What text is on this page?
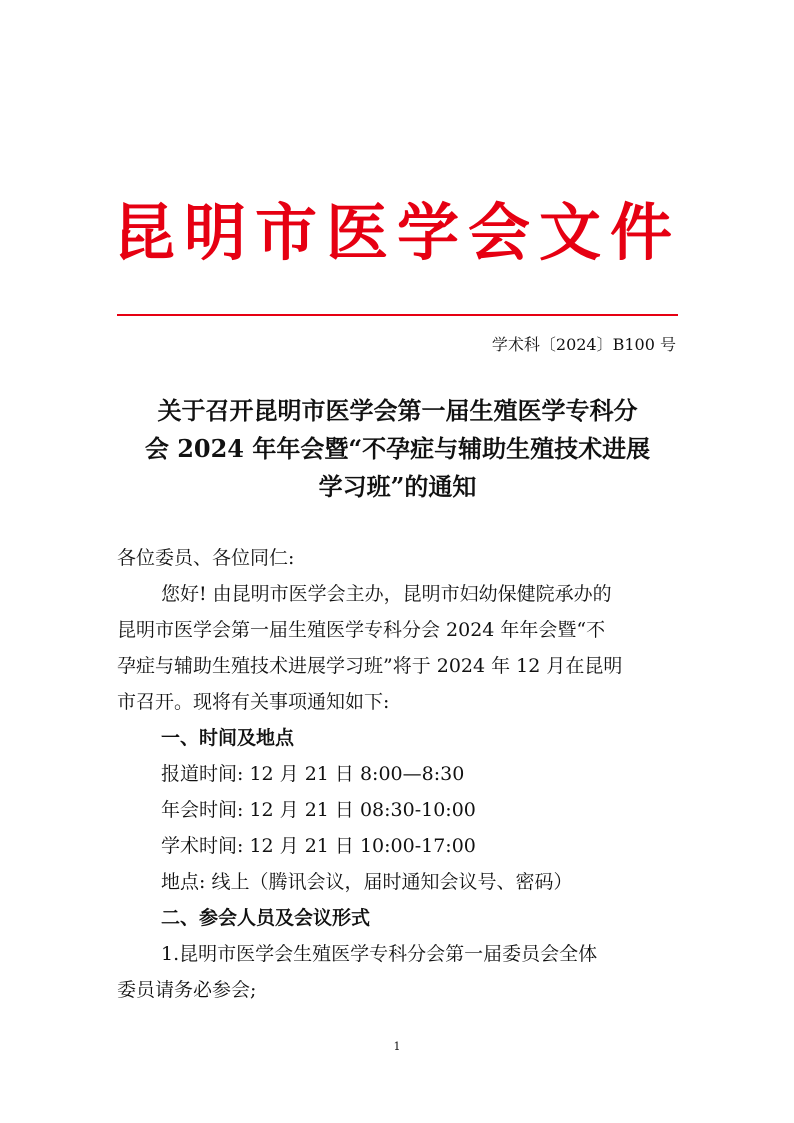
昆明市医学会文件
学术科〔2024〕B100 号
关于召开昆明市医学会第一届生殖医学专科分
会 2024 年年会暨“不孕症与辅助生殖技术进展
学习班”的通知

各位委员、各位同仁:

您好! 由昆明市医学会主办，昆明市妇幼保健院承办的

昆明市医学会第一届生殖医学专科分会 2024 年年会暨“不

孕症与辅助生殖技术进展学习班”将于 2024 年 12 月在昆明

市召开。现将有关事项通知如下:

一、时间及地点

报道时间: 12 月 21 日 8:00—8:30

年会时间: 12 月 21 日 08:30-10:00

学术时间: 12 月 21 日 10:00-17:00

地点: 线上（腾讯会议，届时通知会议号、密码）

二、参会人员及会议形式

1.昆明市医学会生殖医学专科分会第一届委员会全体

委员请务必参会;

1
